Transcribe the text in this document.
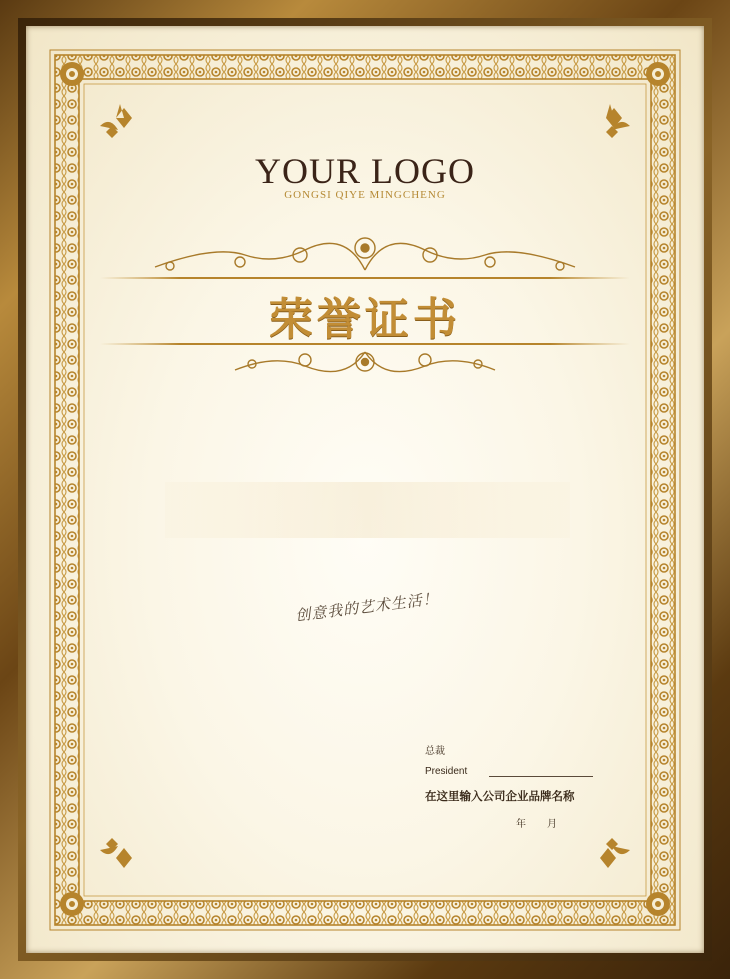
YOUR LOGO
GONGSI QIYE MINGCHENG
荣誉证书
创意我的艺术生活！
总裁
President
在这里输入公司企业品牌名称
年 月
